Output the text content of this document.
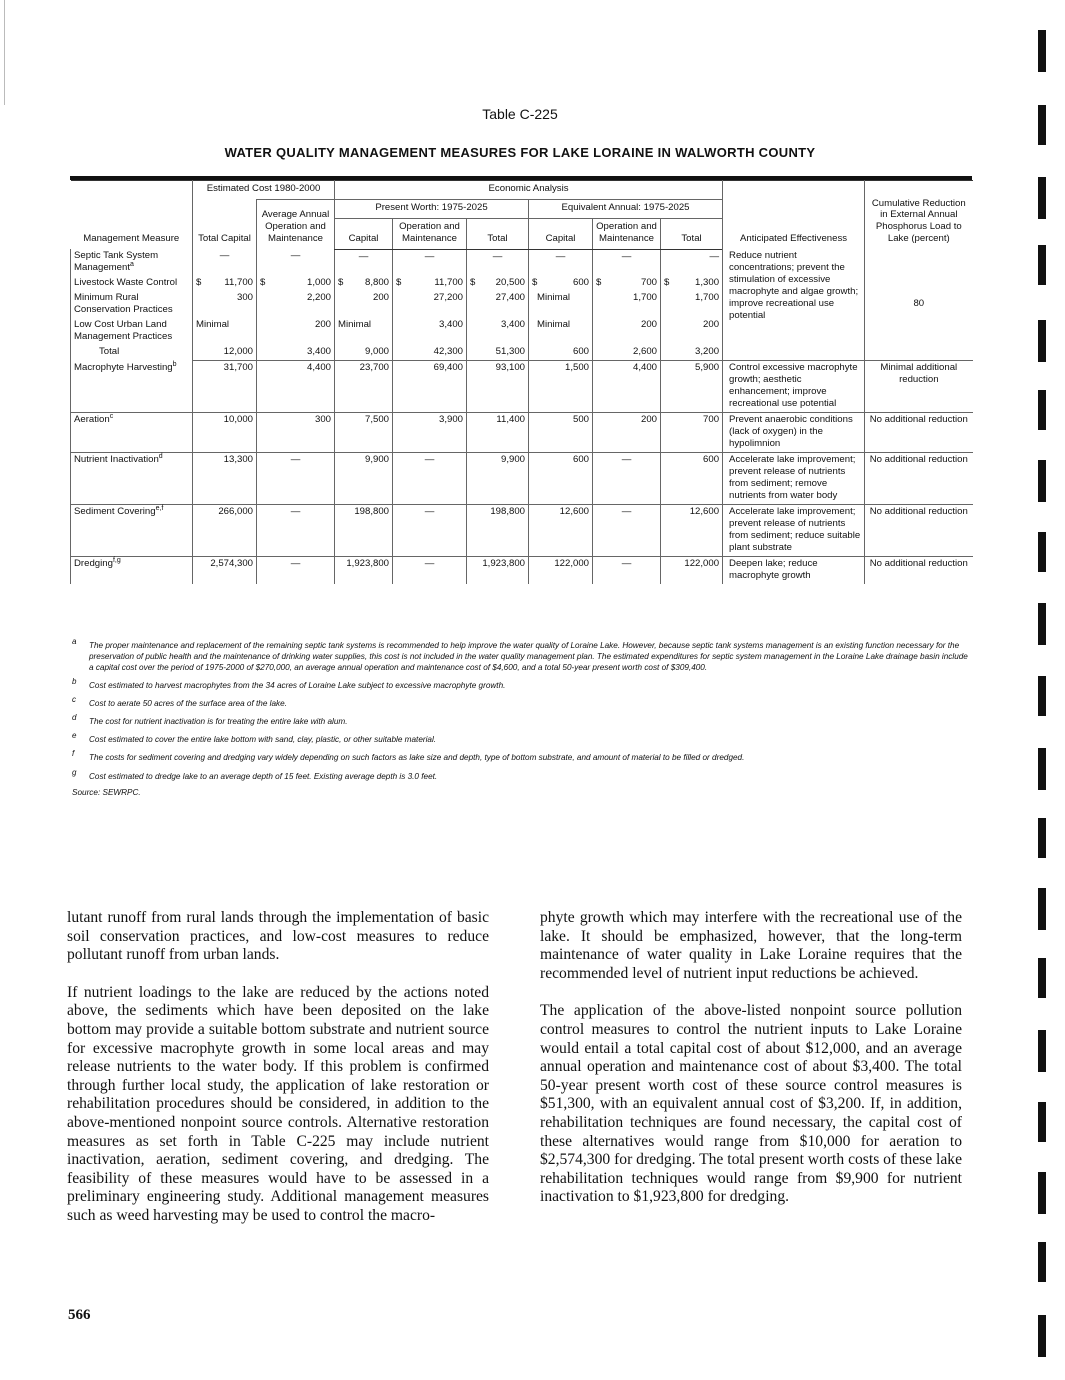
Table C-225
WATER QUALITY MANAGEMENT MEASURES FOR LAKE LORAINE IN WALWORTH COUNTY
Management Measure	Estimated Cost 1980-2000		Economic Analysis						Anticipated Effectiveness	Cumulative Reduction in External Annual Phosphorus Load to Lake (percent)
	Total Capital	Average Annual Operation and Maintenance	Present Worth: 1975-2025			Equivalent Annual: 1975-2025				
			Capital	Operation and Maintenance	Total	Capital	Operation and Maintenance	Total		
Septic Tank System Management$^a$	—	—	—	—	—	—	—	—	Reduce nutrient concentrations; prevent the stimulation of excessive macrophyte and algae growth; improve recreational use potential	80
Livestock Waste Control	$ 11,700	$ 1,000	$ 8,800	$ 11,700	$ 20,500	$ 600	$ 700	$ 1,300		
Minimum Rural Conservation Practices	300	2,200	200	27,200	27,400	Minimal	1,700	1,700		
Low Cost Urban Land Management Practices	Minimal	200	Minimal	3,400	3,400	Minimal	200	200		
Total	12,000	3,400	9,000	42,300	51,300	600	2,600	3,200		
Macrophyte Harvesting$^b$	31,700	4,400	23,700	69,400	93,100	1,500	4,400	5,900	Control excessive macrophyte growth; aesthetic enhancement; improve recreational use potential	Minimal additional reduction
Aeration$^c$	10,000	300	7,500	3,900	11,400	500	200	700	Prevent anaerobic conditions (lack of oxygen) in the hypolimnion	No additional reduction
Nutrient Inactivation$^d$	13,300	—	9,900	—	9,900	600	—	600	Accelerate lake improvement; prevent release of nutrients from sediment; remove nutrients from water body	No additional reduction
Sediment Covering$^{e,f}$	266,000	—	198,800	—	198,800	12,600	—	12,600	Accelerate lake improvement; prevent release of nutrients from sediment; reduce suitable plant substrate	No additional reduction
Dredging$^{f,g}$	2,574,300	—	1,923,800	—	1,923,800	122,000	—	122,000	Deepen lake; reduce macrophyte growth	No additional reduction
a The proper maintenance and replacement of the remaining septic tank systems is recommended to help improve the water quality of Loraine Lake. However, because septic tank systems management is an existing function necessary for the preservation of public health and the maintenance of drinking water supplies, this cost is not included in the water quality management plan. The estimated expenditures for septic system management in the Loraine Lake drainage basin include a capital cost over the period of 1975-2000 of $270,000, an average annual operation and maintenance cost of $4,600, and a total 50-year present worth cost of $309,400.
b Cost estimated to harvest macrophytes from the 34 acres of Loraine Lake subject to excessive macrophyte growth.
c Cost to aerate 50 acres of the surface area of the lake.
d The cost for nutrient inactivation is for treating the entire lake with alum.
e Cost estimated to cover the entire lake bottom with sand, clay, plastic, or other suitable material.
f The costs for sediment covering and dredging vary widely depending on such factors as lake size and depth, type of bottom substrate, and amount of material to be filled or dredged.
g Cost estimated to dredge lake to an average depth of 15 feet. Existing average depth is 3.0 feet.
Source: SEWRPC.

lutant runoff from rural lands through the implementation of basic soil conservation practices, and low-cost measures to reduce pollutant runoff from urban lands.

If nutrient loadings to the lake are reduced by the actions noted above, the sediments which have been deposited on the lake bottom may provide a suitable bottom substrate and nutrient source for excessive macrophyte growth in some local areas and may release nutrients to the water body. If this problem is confirmed through further local study, the application of lake restoration or rehabilitation procedures should be considered, in addition to the above-mentioned nonpoint source controls. Alternative restoration measures as set forth in Table C-225 may include nutrient inactivation, aeration, sediment covering, and dredging. The feasibility of these measures would have to be assessed in a preliminary engineering study. Additional management measures such as weed harvesting may be used to control the macro-

phyte growth which may interfere with the recreational use of the lake. It should be emphasized, however, that the long-term maintenance of water quality in Lake Loraine requires that the recommended level of nutrient input reductions be achieved.

The application of the above-listed nonpoint source pollution control measures to control the nutrient inputs to Lake Loraine would entail a total capital cost of about $12,000, and an average annual operation and maintenance cost of about $3,400. The total 50-year present worth cost of these source control measures is $51,300, with an equivalent annual cost of $3,200. If, in addition, rehabilitation techniques are found necessary, the capital cost of these alternatives would range from $10,000 for aeration to $2,574,300 for dredging. The total present worth costs of these lake rehabilitation techniques would range from $9,900 for nutrient inactivation to $1,923,800 for dredging.

566
